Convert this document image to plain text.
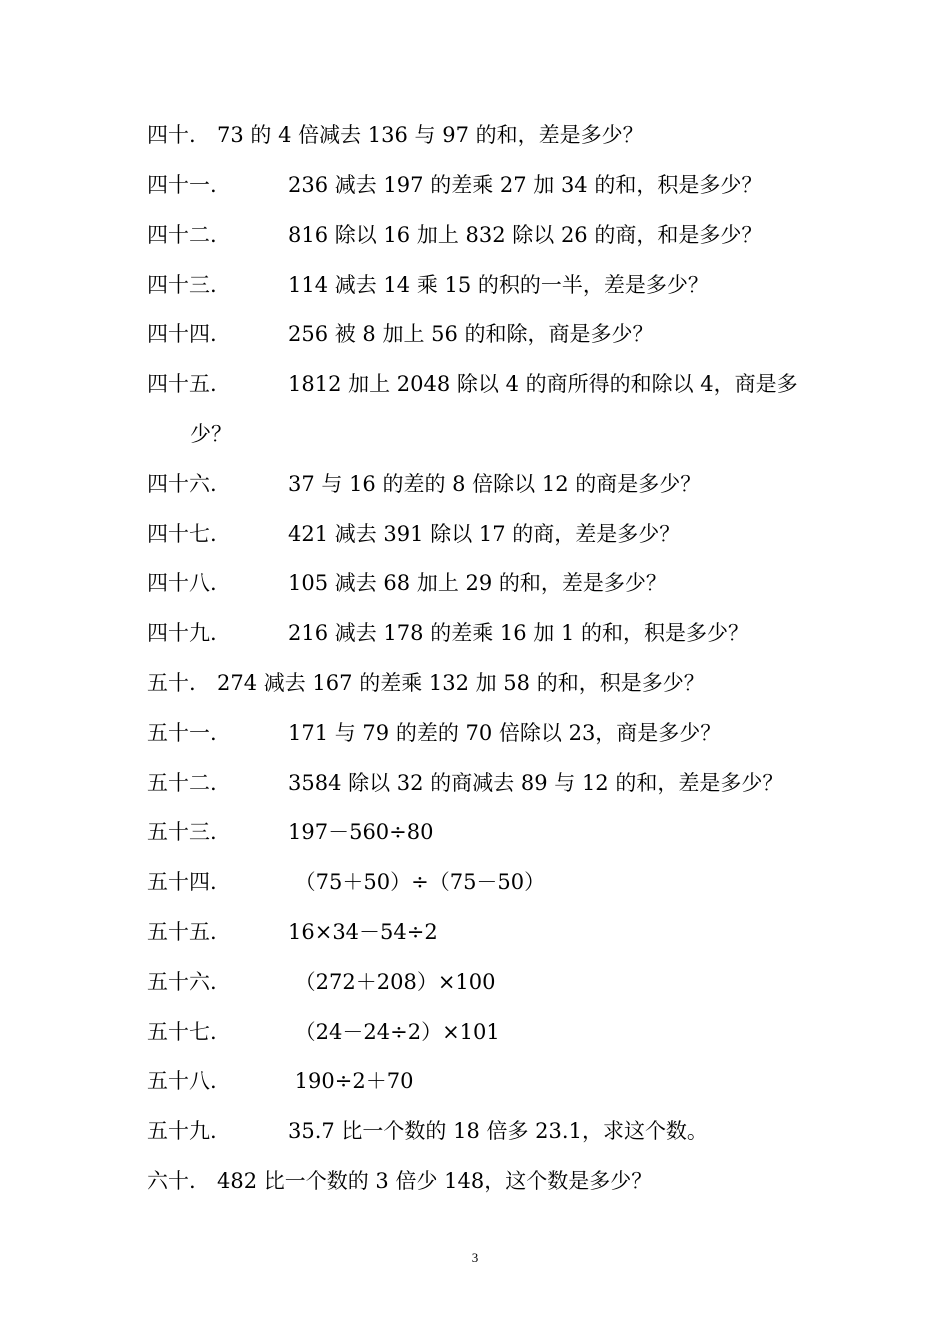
四十. 73 的 4 倍减去 136 与 97 的和，差是多少？
四十一.	236 减去 197 的差乘 27 加 34 的和，积是多少？
四十二.	816 除以 16 加上 832 除以 26 的商，和是多少？
四十三.	114 减去 14 乘 15 的积的一半，差是多少？
四十四.	256 被 8 加上 56 的和除，商是多少？
四十五.	1812 加上 2048 除以 4 的商所得的和除以 4，商是多
少？
四十六.	37 与 16 的差的 8 倍除以 12 的商是多少？
四十七.	421 减去 391 除以 17 的商，差是多少？
四十八.	105 减去 68 加上 29 的和，差是多少？
四十九.	216 减去 178 的差乘 16 加 1 的和，积是多少？
五十. 274 减去 167 的差乘 132 加 58 的和，积是多少？
五十一.	171 与 79 的差的 70 倍除以 23，商是多少？
五十二.	3584 除以 32 的商减去 89 与 12 的和，差是多少？
五十三.	197－560÷80
五十四.	（75＋50）÷（75－50）
五十五.	16×34－54÷2
五十六.	（272＋208）×100
五十七.	（24－24÷2）×101
五十八.	190÷2＋70
五十九.	35.7 比一个数的 18 倍多 23.1，求这个数。
六十. 482 比一个数的 3 倍少 148，这个数是多少？
3
